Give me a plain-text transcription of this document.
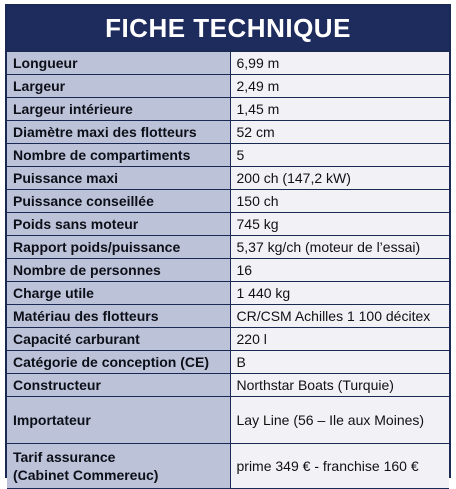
FICHE TECHNIQUE
Longueur	6,99 m
Largeur	2,49 m
Largeur intérieure	1,45 m
Diamètre maxi des flotteurs	52 cm
Nombre de compartiments	5
Puissance maxi	200 ch (147,2 kW)
Puissance conseillée	150 ch
Poids sans moteur	745 kg
Rapport poids/puissance	5,37 kg/ch (moteur de l’essai)
Nombre de personnes	16
Charge utile	1 440 kg
Matériau des flotteurs	CR/CSM Achilles 1 100 décitex
Capacité carburant	220 l
Catégorie de conception (CE)	B
Constructeur	Northstar Boats (Turquie)
Importateur	Lay Line (56 – Ile aux Moines)
Tarif assurance
(Cabinet Commereuc)	prime 349 € - franchise 160 €
